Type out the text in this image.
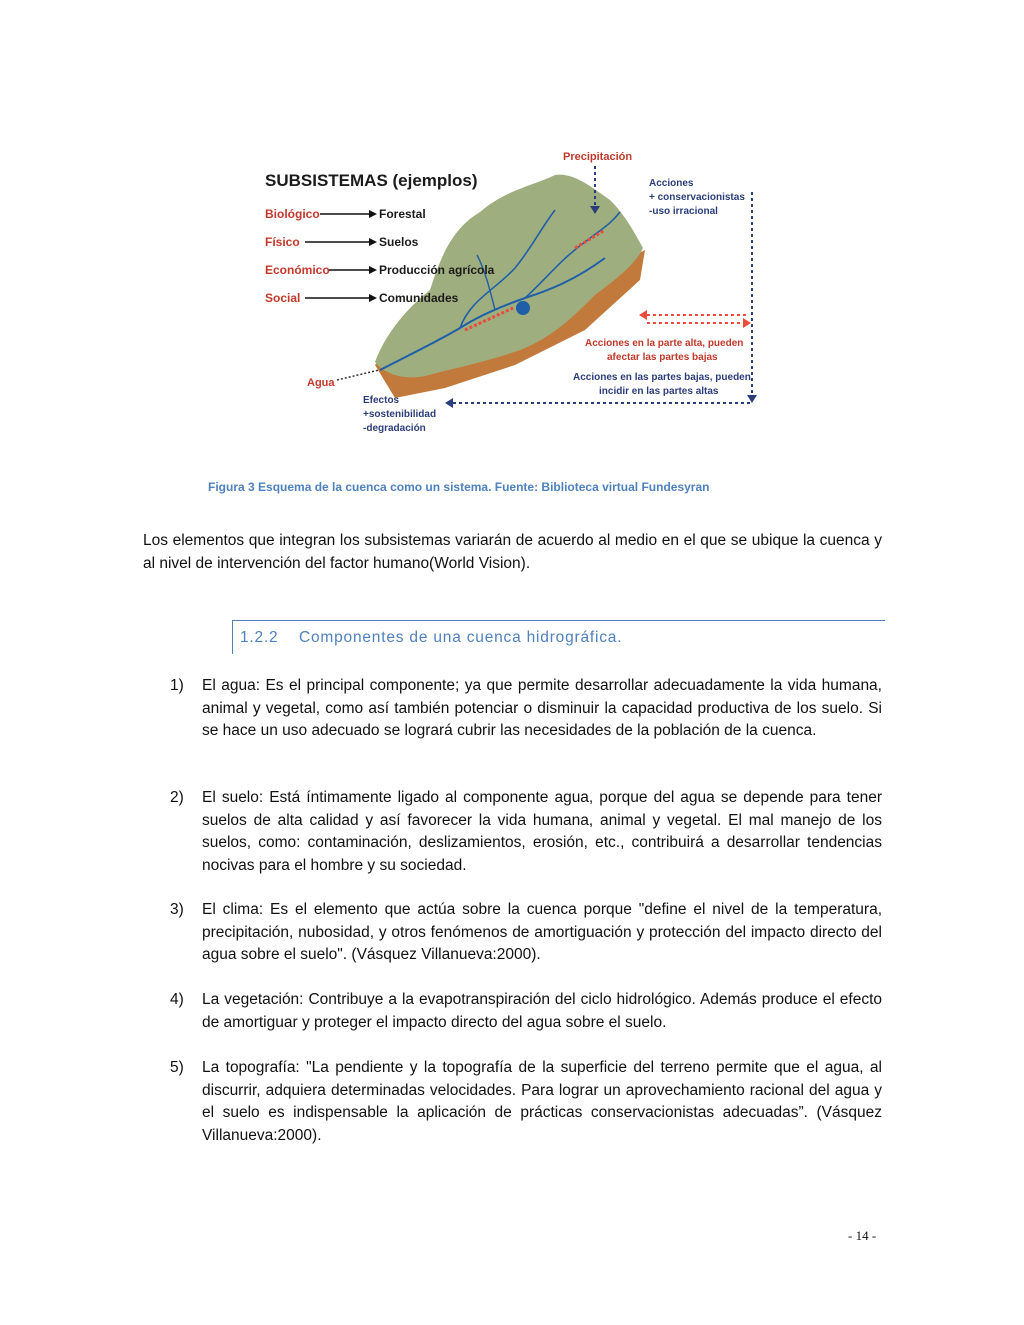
Precipitación
Acciones
+ conservacionistas
-uso irracional
Acciones en la parte alta, pueden
afectar las partes bajas
Acciones en las partes bajas, pueden
incidir en las partes altas
Agua
Efectos
+sostenibilidad
-degradación
SUBSISTEMAS (ejemplos)
Biológico	Forestal
Físico	Suelos
Económico	Producción agrícola
Social	Comunidades
Figura 3 Esquema de la cuenca como un sistema. Fuente: Biblioteca virtual Fundesyran
Los elementos que integran los subsistemas variarán de acuerdo al medio en el que se ubique la cuenca y al nivel de intervención del factor humano(World Vision).
1.2.2 Componentes de una cuenca hidrográfica.
1) El agua: Es el principal componente; ya que permite desarrollar adecuadamente la vida humana, animal y vegetal, como así también potenciar o disminuir la capacidad productiva de los suelo. Si se hace un uso adecuado se logrará cubrir las necesidades de la población de la cuenca.
2) El suelo: Está íntimamente ligado al componente agua, porque del agua se depende para tener suelos de alta calidad y así favorecer la vida humana, animal y vegetal. El mal manejo de los suelos, como: contaminación, deslizamientos, erosión, etc., contribuirá a desarrollar tendencias nocivas para el hombre y su sociedad.
3) El clima: Es el elemento que actúa sobre la cuenca porque "define el nivel de la temperatura, precipitación, nubosidad, y otros fenómenos de amortiguación y protección del impacto directo del agua sobre el suelo". (Vásquez Villanueva:2000).
4) La vegetación: Contribuye a la evapotranspiración del ciclo hidrológico. Además produce el efecto de amortiguar y proteger el impacto directo del agua sobre el suelo.
5) La topografía: "La pendiente y la topografía de la superficie del terreno permite que el agua, al discurrir, adquiera determinadas velocidades. Para lograr un aprovechamiento racional del agua y el suelo es indispensable la aplicación de prácticas conservacionistas adecuadas”. (Vásquez Villanueva:2000).
- 14 -
